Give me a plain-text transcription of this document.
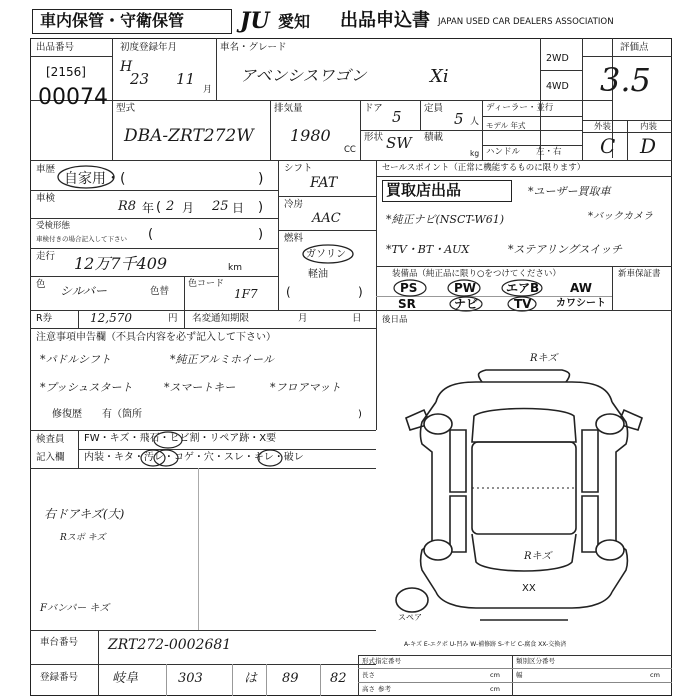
車内保管・守衛保管	JU 愛知 出品申込書 JAPAN USED CAR DEALERS ASSOCIATION
出品番号
[2156]
00074
初度登録年月
H
23 11
月
車名・グレード
アベンシスワゴン	Xi
2WD
4WD
評価点
3.5
外装	内装
C D
型式
DBA-ZRT272W
排気量
1980
CC
ドア 5 定員
5 人
ディーラー・並行
モデル 年式
形状 SW 積載
kg ハンドル 左・右
車歴
自家用・(	)
車検
R8 年 ( 2 月 25 日 )
受検形態
車検付きの場合記入して下さい (	)
走行 12万7千409	km
色 シルバー	色替
色コード
1F7
R券	12,570	円 名変通知期限	月	日
シフト
FAT
冷房
AAC
燃料
ガソリン
軽油
(	)
注意事項申告欄（不具合内容を必ず記入して下さい）
*パドルシフト	*純正アルミホイール
*プッシュスタート	*スマートキー	*フロアマット
修復歴　　有（箇所	)
検査員
記入欄
FW・キズ・飛石・ヒビ割・リペア跡・X要
内装・キタ・汚レ・コゲ・穴・スレ・キレ・破レ
右ドアキズ(大)
Rスポ キズ
Fバンパー キズ
車台番号 ZRT272-0002681
登録番号	岐阜	303	は 89 82
セールスポイント（正常に機能するものに限ります）
買取店出品	*ユーザー買取車
*純正ナビ(NSCT-W61)	*バックカメラ
*TV・BT・AUX	*ステアリングスイッチ
装備品（純正品に限り○をつけてください）	新車保証書
PS	PW エアB	AW
SR	ナビ	TV カワシート
後日品
Rキズ
Rキズ
XX
スペア
A-キズ E-エクボ U-凹み W-補修跡 S-サビ C-腐食 XX-交換済
形式指定番号	類別区分番号
長さ	幅
高さ 参考
cm	cm
cm
